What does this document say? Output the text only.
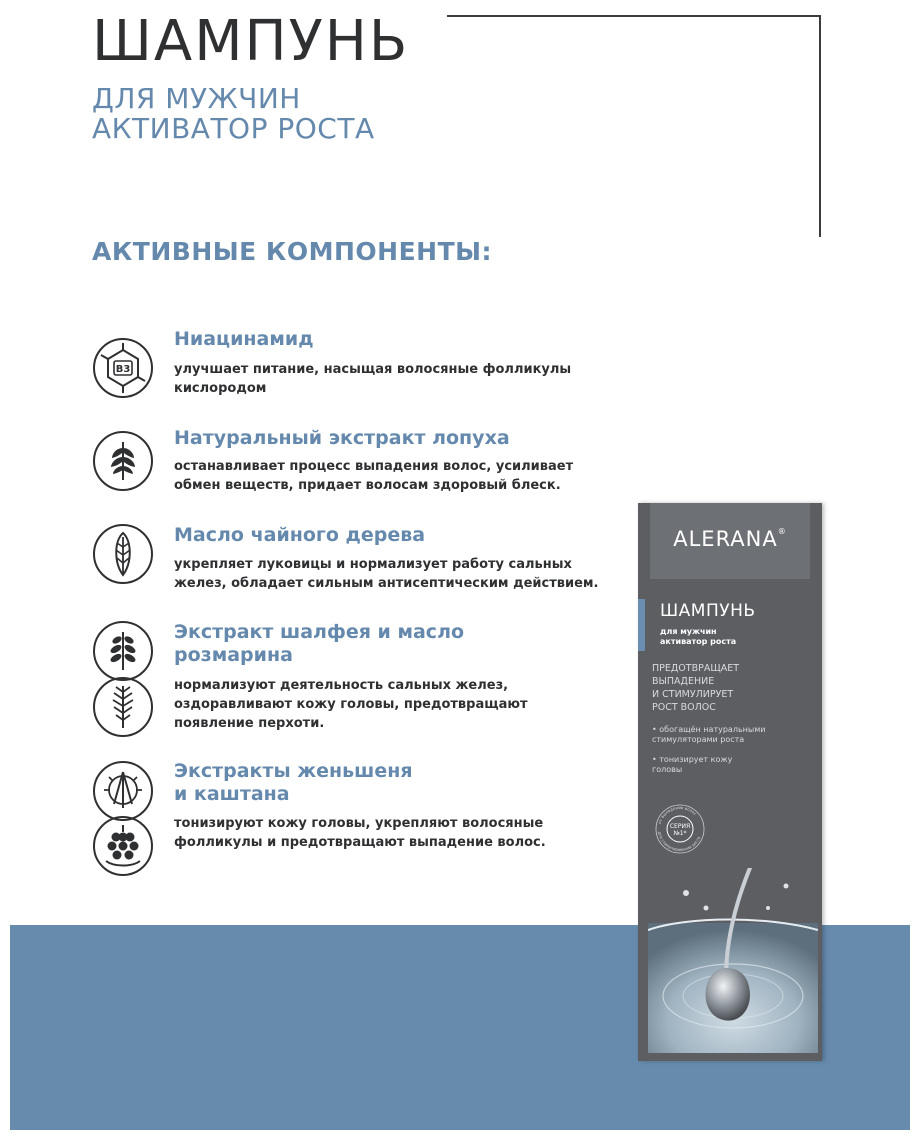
ШАМПУНЬ
ДЛЯ МУЖЧИН
АКТИВАТОР РОСТА
АКТИВНЫЕ КОМПОНЕНТЫ:
B3
Ниацинамид
улучшает питание, насыщая волосяные фолликулы кислородом
Натуральный экстракт лопуха
останавливает процесс выпадения волос, усиливает обмен веществ, придает волосам здоровый блеск.
Масло чайного дерева
укрепляет луковицы и нормализует работу сальных желез, обладает сильным антисептическим действием.
Экстракт шалфея и масло
розмарина
нормализуют деятельность сальных желез, оздоравливают кожу головы, предотвращают появление перхоти.
Экстракты женьшеня
и каштана
тонизируют кожу головы, укрепляют волосяные фолликулы и предотвращают выпадение волос.
ALERANA®
ШАМПУНЬ
для мужчин
активатор роста
ПРЕДОТВРАЩАЕТ
ВЫПАДЕНИЕ
И СТИМУЛИРУЕТ
РОСТ ВОЛОС
• обогащён натуральными
стимуляторами роста
• тонизирует кожу
головы
от выпадения волос
для стимулирования роста
СЕРИЯ
№1*
